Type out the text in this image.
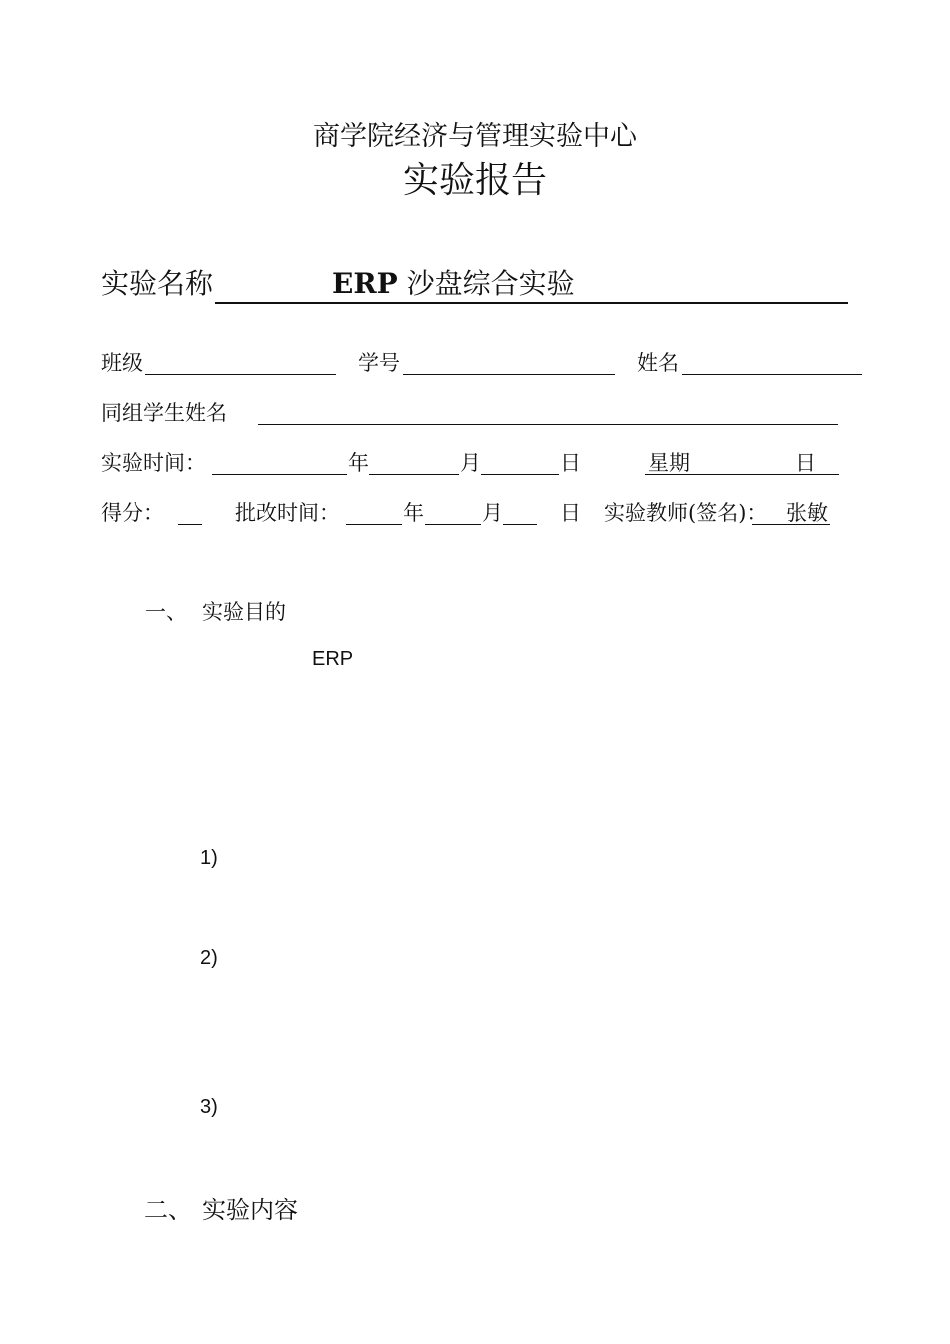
商学院经济与管理实验中心
实验报告
实验名称	ERP 沙盘综合实验
班级	学号	姓名
同组学生姓名
实验时间：	年	月	日	星期	日
得分：	批改时间：	年	月	日 实验教师(签名)： 张敏
一、 实验目的
ERP
1)
2)
3)
二、 实验内容
